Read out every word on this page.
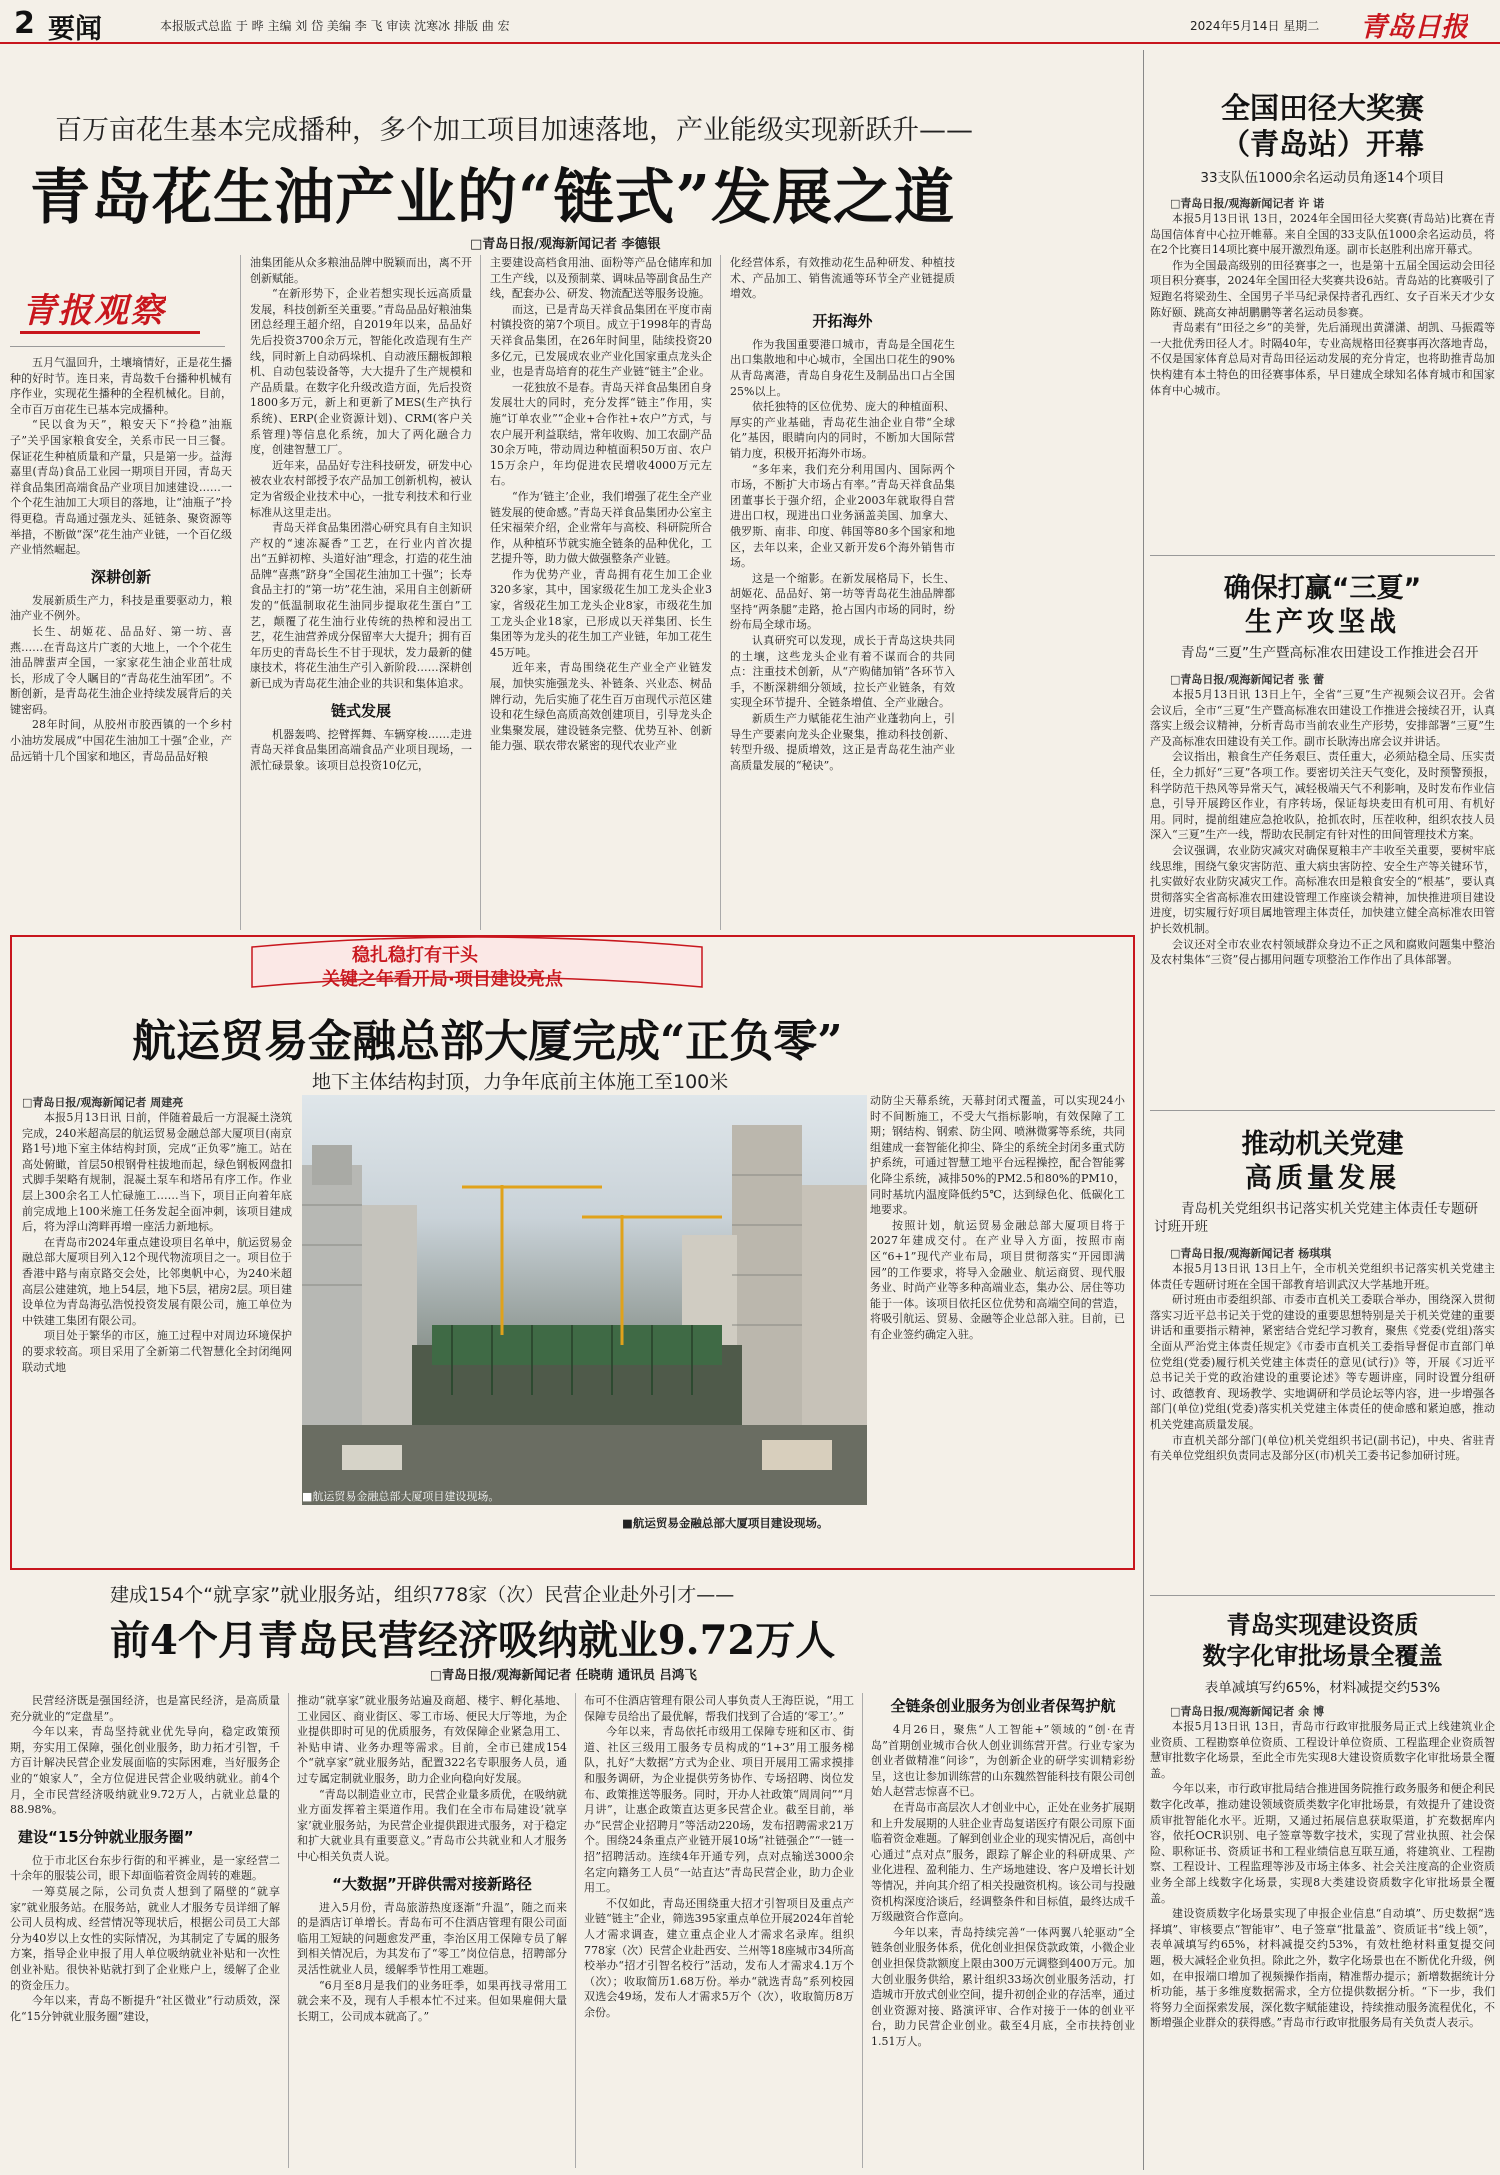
2 要闻	本报版式总监 于 晔 主编 刘 岱 美编 李 飞 审读 沈寒冰 排版 曲 宏	2024年5月14日 星期二 青岛日报
百万亩花生基本完成播种，多个加工项目加速落地，产业能级实现新跃升——
青岛花生油产业的“链式”发展之道
□青岛日报/观海新闻记者 李德银
青报观察

五月气温回升，土壤墒情好，正是花生播种的好时节。连日来，青岛数千台播种机械有序作业，实现花生播种的全程机械化。目前，全市百万亩花生已基本完成播种。

“民以食为天”，粮安天下“拎稳”油瓶子”关乎国家粮食安全，关系市民一日三餐。保证花生种植质量和产量，只是第一步。益海嘉里(青岛)食品工业园一期项目开园，青岛天祥食品集团高端食品产业项目加速建设……一个个花生油加工大项目的落地，让“油瓶子”拎得更稳。青岛通过强龙头、延链条、聚资源等举措，不断做“深”花生油产业链，一个百亿级产业悄然崛起。

深耕创新

发展新质生产力，科技是重要驱动力，粮油产业不例外。

长生、胡姬花、品品好、第一坊、喜燕……在青岛这片广袤的大地上，一个个花生油品牌蜚声全国，一家家花生油企业茁壮成长，形成了令人瞩目的“青岛花生油军团”。不断创新，是青岛花生油企业持续发展背后的关键密码。

28年时间，从胶州市胶西镇的一个乡村小油坊发展成“中国花生油加工十强”企业，产品远销十几个国家和地区，青岛品品好粮

油集团能从众多粮油品牌中脱颖而出，离不开创新赋能。

“在新形势下，企业若想实现长远高质量发展，科技创新至关重要。”青岛品品好粮油集团总经理王超介绍，自2019年以来，品品好先后投资3700余万元，智能化改造现有生产线，同时新上自动码垛机、自动液压翻板卸粮机、自动包装设备等，大大提升了生产规模和产品质量。在数字化升级改造方面，先后投资1800多万元，新上和更新了MES(生产执行系统)、ERP(企业资源计划)、CRM(客户关系管理)等信息化系统，加大了两化融合力度，创建智慧工厂。

近年来，品品好专注科技研发，研发中心被农业农村部授予农产品加工创新机构，被认定为省级企业技术中心，一批专利技术和行业标准从这里走出。

青岛天祥食品集团潜心研究具有自主知识产权的“速冻凝香”工艺，在行业内首次提出“五鲜初榨、头道好油”理念，打造的花生油品牌“喜燕”跻身“全国花生油加工十强”；长寿食品主打的“第一坊”花生油，采用自主创新研发的“低温制取花生油同步提取花生蛋白”工艺，颠覆了花生油行业传统的热榨和浸出工艺，花生油营养成分保留率大大提升；拥有百年历史的青岛长生不甘于现状，发力最新的健康技术，将花生油生产引入新阶段……深耕创新已成为青岛花生油企业的共识和集体追求。

链式发展

机器轰鸣、挖臂挥舞、车辆穿梭……走进青岛天祥食品集团高端食品产业项目现场，一派忙碌景象。该项目总投资10亿元，

主要建设高档食用油、面粉等产品仓储库和加工生产线，以及预制菜、调味品等副食品生产线，配套办公、研发、物流配送等服务设施。

而这，已是青岛天祥食品集团在平度市南村镇投资的第7个项目。成立于1998年的青岛天祥食品集团，在26年时间里，陆续投资20多亿元，已发展成农业产业化国家重点龙头企业，也是青岛培育的花生产业链“链主”企业。

一花独放不是春。青岛天祥食品集团自身发展壮大的同时，充分发挥“链主”作用，实施“订单农业”“企业+合作社+农户”方式，与农户展开利益联结，常年收购、加工农副产品30余万吨，带动周边种植面积50万亩、农户15万余户，年均促进农民增收4000万元左右。

“作为‘链主’企业，我们增强了花生全产业链发展的使命感。”青岛天祥食品集团办公室主任宋福荣介绍，企业常年与高校、科研院所合作，从种植环节就实施全链条的品种优化，工艺提升等，助力做大做强整条产业链。

作为优势产业，青岛拥有花生加工企业320多家，其中，国家级花生加工龙头企业3家，省级花生加工龙头企业8家，市级花生加工龙头企业18家，已形成以天祥集团、长生集团等为龙头的花生加工产业链，年加工花生45万吨。

近年来，青岛围绕花生产业全产业链发展，加快实施强龙头、补链条、兴业态、树品牌行动，先后实施了花生百万亩现代示范区建设和花生绿色高质高效创建项目，引导龙头企业集聚发展，建设链条完整、优势互补、创新能力强、联农带农紧密的现代农业产业

化经营体系，有效推动花生品种研发、种植技术、产品加工、销售流通等环节全产业链提质增效。

开拓海外

作为我国重要港口城市，青岛是全国花生出口集散地和中心城市，全国出口花生的90%从青岛离港，青岛自身花生及制品出口占全国25%以上。

依托独特的区位优势、庞大的种植面积、厚实的产业基础，青岛花生油企业自带“全球化”基因，眼睛向内的同时，不断加大国际营销力度，积极开拓海外市场。

“多年来，我们充分利用国内、国际两个市场，不断扩大市场占有率。”青岛天祥食品集团董事长于强介绍，企业2003年就取得自营进出口权，现进出口业务涵盖美国、加拿大、俄罗斯、南非、印度、韩国等80多个国家和地区，去年以来，企业又新开发6个海外销售市场。

这是一个缩影。在新发展格局下，长生、胡姬花、品品好、第一坊等青岛花生油品牌都坚持“两条腿”走路，抢占国内市场的同时，纷纷布局全球市场。

认真研究可以发现，成长于青岛这块共同的土壤，这些龙头企业有着不谋而合的共同点：注重技术创新，从“产购储加销”各环节入手，不断深耕细分领域，拉长产业链条，有效实现全环节提升、全链条增值、全产业融合。

新质生产力赋能花生油产业蓬勃向上，引导生产要素向龙头企业聚集，推动科技创新、转型升级、提质增效，这正是青岛花生油产业高质量发展的“秘诀”。

稳扎稳打有干头
关键之年看开局·项目建设亮点
航运贸易金融总部大厦完成“正负零”
地下主体结构封顶，力争年底前主体施工至100米
□青岛日报/观海新闻记者 周建亮

本报5月13日讯 日前，伴随着最后一方混凝土浇筑完成，240米超高层的航运贸易金融总部大厦项目(南京路1号)地下室主体结构封顶，完成“正负零”施工。站在高处俯瞰，首层50根钢骨柱拔地而起，绿色钢板网盘扣式脚手架略有规制，混凝土泵车和塔吊有序工作。作业层上300余名工人忙碌施工……当下，项目正向着年底前完成地上100米施工任务发起全面冲刺，该项目建成后，将为浮山湾畔再增一座活力新地标。

在青岛市2024年重点建设项目名单中，航运贸易金融总部大厦项目列入12个现代物流项目之一。项目位于香港中路与南京路交会处，比邻奥帆中心，为240米超高层公建建筑，地上54层，地下5层，裙房2层。项目建设单位为青岛海弘浩悦投资发展有限公司，施工单位为中铁建工集团有限公司。

项目处于繁华的市区，施工过程中对周边环境保护的要求较高。项目采用了全新第二代智慧化全封闭绳网联动式地

■航运贸易金融总部大厦项目建设现场。
■航运贸易金融总部大厦项目建设现场。

动防尘天幕系统，天幕封闭式覆盖，可以实现24小时不间断施工，不受大气指标影响，有效保障了工期；钢结构、钢索、防尘网、喷淋微雾等系统，共同组建成一套智能化抑尘、降尘的系统全封闭多重式防护系统，可通过智慧工地平台远程操控，配合智能雾化降尘系统，减排50%的PM2.5和80%的PM10，同时基坑内温度降低约5℃，达到绿色化、低碳化工地要求。

按照计划，航运贸易金融总部大厦项目将于2027年建成交付。在产业导入方面，按照市南区“6+1”现代产业布局，项目贯彻落实“开园即满园”的工作要求，将导入金融业、航运商贸、现代服务业、时尚产业等多种高端业态，集办公、居住等功能于一体。该项目依托区位优势和高端空间的营造，将吸引航运、贸易、金融等企业总部入驻。目前，已有企业签约确定入驻。

建成154个“就享家”就业服务站，组织778家（次）民营企业赴外引才——
前4个月青岛民营经济吸纳就业9.72万人
□青岛日报/观海新闻记者 任晓萌 通讯员 吕鸿飞

民营经济既是强国经济，也是富民经济，是高质量充分就业的“定盘星”。

今年以来，青岛坚持就业优先导向，稳定政策预期，夯实用工保障，强化创业服务，助力拓才引智，千方百计解决民营企业发展面临的实际困难，当好服务企业的“娘家人”，全方位促进民营企业吸纳就业。前4个月，全市民营经济吸纳就业9.72万人，占就业总量的88.98%。

建设“15分钟就业服务圈”

位于市北区台东步行街的和平裤业，是一家经营二十余年的服装公司，眼下却面临着资金周转的难题。

一筹莫展之际，公司负责人想到了隔壁的“就享家”就业服务站。在服务站，就业人才服务专员详细了解公司人员构成、经营情况等现状后，根据公司员工大部分为40岁以上女性的实际情况，为其制定了专属的服务方案，指导企业申报了用人单位吸纳就业补贴和一次性创业补贴。很快补贴就打到了企业账户上，缓解了企业的资金压力。

今年以来，青岛不断提升“社区微业”行动质效，深化“15分钟就业服务圈”建设，

推动“就享家”就业服务站遍及商超、楼宇、孵化基地、工业园区、商业街区、零工市场、便民大厅等地，为企业提供即时可见的优质服务，有效保障企业紧急用工、补贴申请、业务办理等需求。目前，全市已建成154个“就享家”就业服务站，配置322名专职服务人员，通过专属定制就业服务，助力企业向稳向好发展。

“青岛以制造业立市，民营企业量多质优，在吸纳就业方面发挥着主渠道作用。我们在全市布局建设‘就享家’就业服务站，为民营企业提供跟进式服务，对于稳定和扩大就业具有重要意义。”青岛市公共就业和人才服务中心相关负责人说。

“大数据”开辟供需对接新路径

进入5月份，青岛旅游热度逐渐“升温”，随之而来的是酒店订单增长。青岛布可不住酒店管理有限公司面临用工短缺的问题愈发严重，李治区用工保障专员了解到相关情况后，为其发布了“零工”岗位信息，招聘部分灵活性就业人员，缓解季节性用工难题。

“6月至8月是我们的业务旺季，如果再找寻常用工就会来不及，现有人手根本忙不过来。但如果雇佣大量长期工，公司成本就高了。”

布可不住酒店管理有限公司人事负责人王海臣说，“用工保障专员给出了最优解，帮我们找到了合适的‘零工’。”

今年以来，青岛依托市级用工保障专班和区市、街道、社区三级用工服务专员构成的“1+3”用工服务梯队，扎好“大数据”方式为企业、项目开展用工需求摸排和服务调研，为企业提供劳务协作、专场招聘、岗位发布、政策推送等服务。同时，开办人社政策“周周问”“月月讲”，让惠企政策直达更多民营企业。截至目前，举办“民营企业招聘月”等活动220场，发布招聘需求21万个。围绕24条重点产业链开展10场“社链强企”“一链一招”招聘活动。连续4年开通专列，点对点输送3000余名定向籍务工人员“一站直达”青岛民营企业，助力企业用工。

不仅如此，青岛还围绕重大招才引智项目及重点产业链“链主”企业，筛选395家重点单位开展2024年首轮人才需求调查，建立重点企业人才需求名录库。组织778家（次）民营企业赴西安、兰州等18座城市34所高校举办“招才引智名校行”活动，发布人才需求4.1万个（次）；收取简历1.68万份。举办“就选青岛”系列校园双选会49场，发布人才需求5万个（次），收取简历8万余份。

全链条创业服务为创业者保驾护航

4月26日，聚焦“人工智能+”领域的“创·在青岛”首期创业城市合伙人创业训练营开营。行业专家为创业者做精准“问诊”，为创新企业的研学实训精彩纷呈，这也让参加训练营的山东魏然智能科技有限公司创始人赵营志惊喜不已。

在青岛市高层次人才创业中心，正处在业务扩展期和上升发展期的人驻企业青岛复诺医疗有限公司原下面临着资金难题。了解到创业企业的现实情况后，高创中心通过“点对点”服务，跟踪了解企业的科研成果、产业化进程、盈利能力、生产场地建设、客户及增长计划等情况，并向其介绍了相关投融资机构。该公司与投融资机构深度洽谈后，经调整条件和目标值，最终达成千万级融资合作意向。

今年以来，青岛持续完善“一体两翼八轮驱动”全链条创业服务体系，优化创业担保贷款政策，小微企业创业担保贷款额度上限由300万元调整到400万元。加大创业服务供给，累计组织33场次创业服务活动，打造城市开放式创业空间，提升初创企业的存活率，通过创业资源对接、路演评审、合作对接于一体的创业平台，助力民营企业创业。截至4月底，全市扶持创业1.51万人。

全国田径大奖赛
（青岛站）开幕
33支队伍1000余名运动员角逐14个项目
□青岛日报/观海新闻记者 许 诺

本报5月13日讯 13日，2024年全国田径大奖赛(青岛站)比赛在青岛国信体育中心拉开帷幕。来自全国的33支队伍1000余名运动员，将在2个比赛日14项比赛中展开激烈角逐。副市长赵胜利出席开幕式。

作为全国最高级别的田径赛事之一，也是第十五届全国运动会田径项目积分赛事，2024年全国田径大奖赛共设6站。青岛站的比赛吸引了短跑名将梁劲生、全国男子半马纪录保持者孔西红、女子百米天才少女陈好颐、跳高女神胡鹏鹏等著名运动员参赛。

青岛素有“田径之乡”的美誉，先后涌现出黄潇潇、胡凯、马振霞等一大批优秀田径人才。时隔40年，专业高规格田径赛事再次落地青岛，不仅是国家体育总局对青岛田径运动发展的充分肯定，也将助推青岛加快构建有本土特色的田径赛事体系，早日建成全球知名体育城市和国家体育中心城市。

确保打赢“三夏”
生产攻坚战
青岛“三夏”生产暨高标准农田建设工作推进会召开
□青岛日报/观海新闻记者 张 蕾

本报5月13日讯 13日上午，全省“三夏”生产视频会议召开。会省会议后，全市“三夏”生产暨高标准农田建设工作推进会接续召开，认真落实上级会议精神，分析青岛市当前农业生产形势，安排部署“三夏”生产及高标准农田建设有关工作。副市长耿涛出席会议并讲话。

会议指出，粮食生产任务艰巨、责任重大，必须站稳全局、压实责任，全力抓好“三夏”各项工作。要密切关注天气变化，及时预警预报，科学防范干热风等异常天气，减轻极端天气不利影响，及时发布作业信息，引导开展跨区作业，有序转场，保证每块麦田有机可用、有机好用。同时，提前组建应急抢收队，抢抓农时，压茬收种，组织农技人员深入“三夏”生产一线，帮助农民制定有针对性的田间管理技术方案。

会议强调，农业防灾减灾对确保夏粮丰产丰收至关重要，要树牢底线思维，围绕气象灾害防范、重大病虫害防控、安全生产等关键环节，扎实做好农业防灾减灾工作。高标准农田是粮食安全的“根基”，要认真贯彻落实全省高标准农田建设管理工作座谈会精神，加快推进项目建设进度，切实履行好项目属地管理主体责任，加快建立健全高标准农田管护长效机制。

会议还对全市农业农村领域群众身边不正之风和腐败问题集中整治及农村集体“三资”侵占挪用问题专项整治工作作出了具体部署。

推动机关党建
高质量发展
青岛机关党组织书记落实机关党建主体责任专题研讨班开班
□青岛日报/观海新闻记者 杨琪琪

本报5月13日讯 13日上午，全市机关党组织书记落实机关党建主体责任专题研讨班在全国干部教育培训武汉大学基地开班。

研讨班由市委组织部、市委市直机关工委联合举办，围绕深入贯彻落实习近平总书记关于党的建设的重要思想特别是关于机关党建的重要讲话和重要指示精神，紧密结合党纪学习教育，聚焦《党委(党组)落实全面从严治党主体责任规定》《市委市直机关工委指导督促市直部门单位党组(党委)履行机关党建主体责任的意见(试行)》等，开展《习近平总书记关于党的政治建设的重要论述》等专题讲座，同时设置分组研讨、政德教育、现场教学、实地调研和学员论坛等内容，进一步增强各部门(单位)党组(党委)落实机关党建主体责任的使命感和紧迫感，推动机关党建高质量发展。

市直机关部分部门(单位)机关党组织书记(副书记)，中央、省驻青有关单位党组织负责同志及部分区(市)机关工委书记参加研讨班。

青岛实现建设资质
数字化审批场景全覆盖
表单减填写约65%，材料减提交约53%
□青岛日报/观海新闻记者 余 博

本报5月13日讯 13日，青岛市行政审批服务局正式上线建筑业企业资质、工程勘察单位资质、工程设计单位资质、工程监理企业资质智慧审批数字化场景，至此全市先实现8大建设资质数字化审批场景全覆盖。

今年以来，市行政审批局结合推进国务院推行政务服务和便企利民数字化改革，推动建设领域资质类数字化审批场景，有效提升了建设资质审批智能化水平。近期，又通过拓展信息获取渠道，扩充数据库内容，依托OCR识别、电子签章等数字技术，实现了营业执照、社会保险、职称证书、资质证书和工程业绩信息互联互通，将建筑业、工程勘察、工程设计、工程监理等涉及市场主体多、社会关注度高的企业资质业务全部上线数字化场景，实现8大类建设资质数字化审批场景全覆盖。

建设资质数字化场景实现了申报企业信息“自动填”、历史数据“选择填”、审核要点“智能审”、电子签章“批量盖”、资质证书“线上领”，表单减填写约65%，材料减提交约53%，有效杜绝材料重复提交问题，极大减轻企业负担。除此之外，数字化场景也在不断优化升级，例如，在申报端口增加了视频操作指南，精准帮办提示；新增数据统计分析功能，基于多维度数据需求，全方位提供数据分析。“下一步，我们将努力全面探索发展，深化数字赋能建设，持续推动服务流程优化，不断增强企业群众的获得感。”青岛市行政审批服务局有关负责人表示。
